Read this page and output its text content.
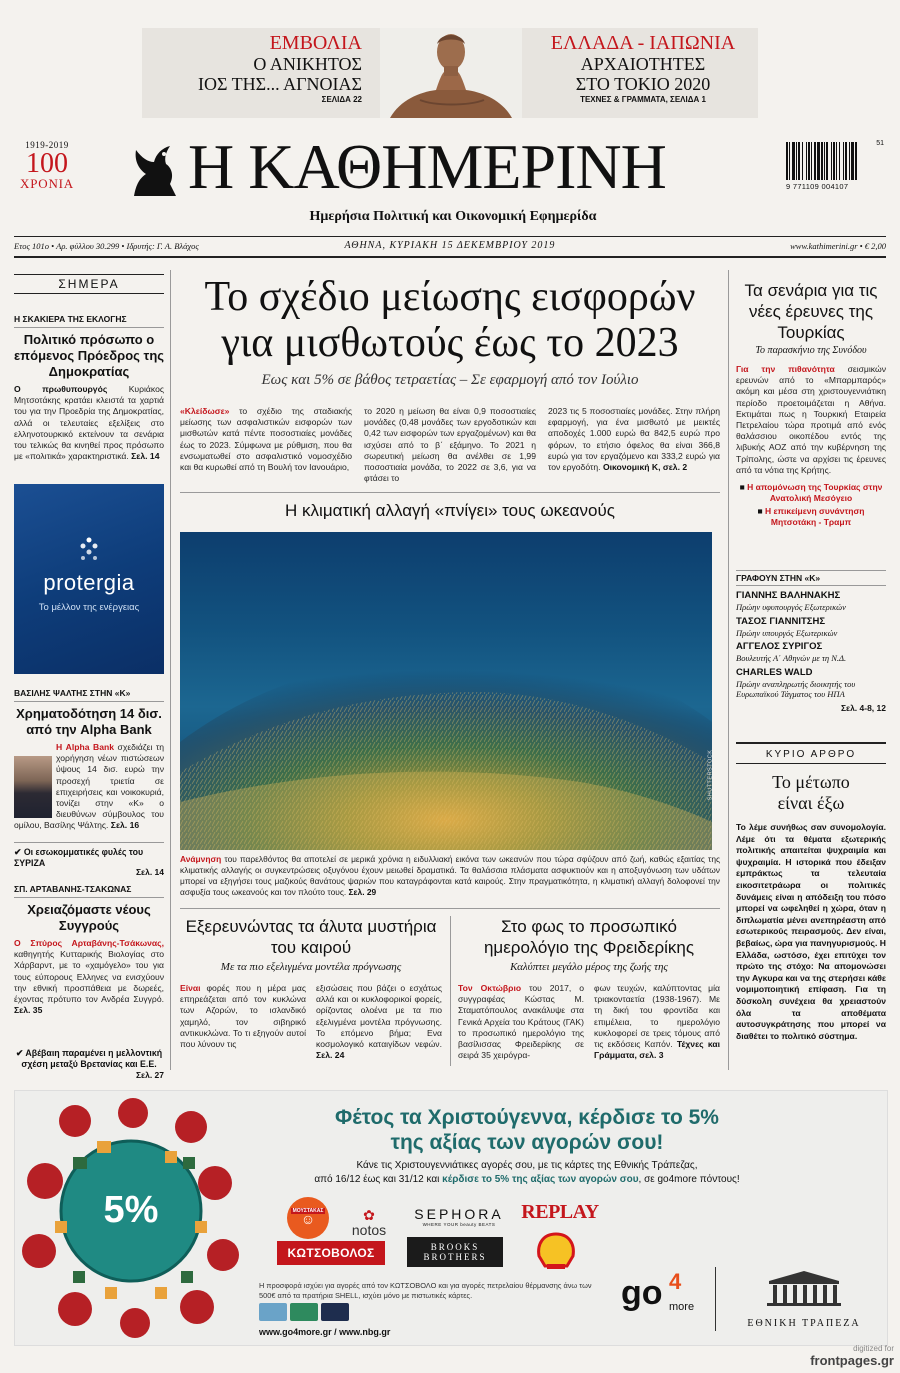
ΕΜΒΟΛΙΑ
Ο ΑΝΙΚΗΤΟΣ
ΙΟΣ ΤΗΣ... ΑΓΝΟΙΑΣ
ΣΕΛΙΔΑ 22
ΕΛΛΑΔΑ - ΙΑΠΩΝΙΑ
ΑΡΧΑΙΟΤΗΤΕΣ
ΣΤΟ ΤΟΚΙΟ 2020
ΤΕΧΝΕΣ & ΓΡΑΜΜΑΤΑ, ΣΕΛΙΔΑ 1
1919-2019
100
ΧΡΟΝΙΑ Η ΚΑΘΗΜΕΡΙΝΗ
Ημερήσια Πολιτική και Οικονομική Εφημερίδα
51
9 771109 004107
Ετος 101ο • Αρ. φύλλου 30.299 • Ιδρυτής: Γ. Α. Βλάχος	ΑΘΗΝΑ, ΚΥΡΙΑΚΗ 15 ΔΕΚΕΜΒΡΙΟΥ 2019	www.kathimerini.gr • € 2,00
ΣΗΜΕΡΑ
Η ΣΚΑΚΙΕΡΑ ΤΗΣ ΕΚΛΟΓΗΣ
Πολιτικό πρόσωπο ο επόμενος Πρόεδρος της Δημοκρατίας

Ο πρωθυπουργός Κυριάκος Μητσοτάκης κρατάει κλειστά τα χαρτιά του για την Προεδρία της Δημοκρατίας, αλλά οι τελευταίες εξελίξεις στο ελληνοτουρκικό εκτείνουν τα σενάρια του τελικώς θα κινηθεί προς πρόσωπο με «πολιτικά» χαρακτηριστικά. Σελ. 14

protergia
Το μέλλον της ενέργειας
ΒΑΣΙΛΗΣ ΨΑΛΤΗΣ ΣΤΗΝ «Κ»
Χρηματοδότηση 14 δισ. από την Alpha Bank

Η Alpha Bank σχεδιάζει τη χορήγηση νέων πιστώσεων ύψους 14 δισ. ευρώ την προσεχή τριετία σε επιχειρήσεις και νοικοκυριά, τονίζει στην «Κ» ο διευθύνων σύμβουλος του ομίλου, Βασίλης Ψάλτης. Σελ. 16

✔ Οι εσωκομματικές φυλές του ΣΥΡΙΖΑ
Σελ. 14
ΣΠ. ΑΡΤΑΒΑΝΗΣ-ΤΣΑΚΩΝΑΣ
Χρειαζόμαστε νέους Συγγρούς

Ο Σπύρος Αρταβάνης-Τσάκωνας, καθηγητής Κυτταρικής Βιολογίας στο Χάρβαρντ, με το «χαμόγελο» του για τους εύπορους Ελληνες να ενισχύουν την εθνική προσπάθεια με δωρεές, έχοντας πρότυπο τον Ανδρέα Συγγρό. Σελ. 35

✔ Αβέβαιη παραμένει η μελλοντική σχέση μεταξύ Βρετανίας και Ε.Ε.
Σελ. 27
Το σχέδιο μείωσης εισφορών
για μισθωτούς έως το 2023
Εως και 5% σε βάθος τετραετίας – Σε εφαρμογή από τον Ιούλιο

«Κλείδωσε» το σχέδιο της σταδιακής μείωσης των ασφαλιστικών εισφορών των μισθωτών κατά πέντε ποσοστιαίες μονάδες έως το 2023. Σύμφωνα με ρύθμιση, που θα ενσωματωθεί στο ασφαλιστικό νομοσχέδιο και θα κυρωθεί από τη Βουλή τον Ιανουάριο,

το 2020 η μείωση θα είναι 0,9 ποσοστιαίες μονάδες (0,48 μονάδες των εργοδοτικών και 0,42 των εισφορών των εργαζομένων) και θα ισχύσει από το β΄ εξάμηνο. Το 2021 η σωρευτική μείωση θα ανέλθει σε 1,99 ποσοστιαία μονάδα, το 2022 σε 3,6, για να φτάσει το

2023 τις 5 ποσοστιαίες μονάδες. Στην πλήρη εφαρμογή, για ένα μισθωτό με μεικτές αποδοχές 1.000 ευρώ θα 842,5 ευρώ προ φόρων, το ετήσιο όφελος θα είναι 366,8 ευρώ για τον εργαζόμενο και 333,2 ευρώ για τον εργοδότη. Οικονομική Κ, σελ. 2

Η κλιματική αλλαγή «πνίγει» τους ωκεανούς
SHUTTERSTOCK

Ανάμνηση του παρελθόντος θα αποτελεί σε μερικά χρόνια η ειδυλλιακή εικόνα των ωκεανών που τώρα σφύζουν από ζωή, καθώς εξαιτίας της κλιματικής αλλαγής οι συγκεντρώσεις οξυγόνου έχουν μειωθεί δραματικά. Τα θαλάσσια πλάσματα ασφυκτιούν και η αποξυγόνωση των υδάτων μπορεί να εξηγήσει τους μαζικούς θανάτους ψαριών που καταγράφονται κατά καιρούς. Στην πραγματικότητα, η κλιματική αλλαγή δολοφονεί την ασφυξία τους ωκεανούς και τον πλούτο τους. Σελ. 29

Εξερευνώντας τα άλυτα μυστήρια του καιρού
Με τα πιο εξελιγμένα μοντέλα πρόγνωσης

Είναι φορές που η μέρα μας επηρεάζεται από τον κυκλώνα των Αζορών, το ισλανδικό χαμηλό, τον σιβηρικό αντικυκλώνα. Το τι εξηγούν αυτοί που λύνουν τις

εξισώσεις που βάζει ο εσχάτως αλλά και οι κυκλοφορικοί φορείς, ορίζοντας ολοένα με τα πιο εξελιγμένα μοντέλα πρόγνωσης. Το επόμενο βήμα; Ενα κοσμολογικό καταιγίδων νεφών. Σελ. 24

Στο φως το προσωπικό ημερολόγιο της Φρειδερίκης
Καλύπτει μεγάλο μέρος της ζωής της

Τον Οκτώβριο του 2017, ο συγγραφέας Κώστας Μ. Σταματόπουλος ανακάλυψε στα Γενικά Αρχεία του Κράτους (ΓΑΚ) το προσωπικό ημερολόγιο της βασίλισσας Φρειδερίκης σε σειρά 35 χειρόγρα-

φων τευχών, καλύπτοντας μία τριακονταετία (1938-1967). Με τη δική του φροντίδα και επιμέλεια, το ημερολόγιο κυκλοφορεί σε τρεις τόμους από τις εκδόσεις Καπόν. Τέχνες και Γράμματα, σελ. 3

Τα σενάρια για τις νέες έρευνες της Τουρκίας
Το παρασκήνιο της Συνόδου

Για την πιθανότητα σεισμικών ερευνών από το «Μπαρμπαρός» ακόμη και μέσα στη χριστουγεννιάτικη περίοδο προετοιμάζεται η Αθήνα. Εκτιμάται πως η Τουρκική Εταιρεία Πετρελαίου τώρα προτιμά από ενός θαλάσσιου οικοπέδου εντός της λιβυκής ΑΟΖ από την κυβέρνηση της Τρίπολης, ώστε να αρχίσει τις έρευνες από τα νότια της Κρήτης.

■ Η απομόνωση της Τουρκίας στην Ανατολική Μεσόγειο
■ Η επικείμενη συνάντηση Μητσοτάκη - Τραμπ
ΓΡΑΦΟΥΝ ΣΤΗΝ «Κ»
ΓΙΑΝΝΗΣ ΒΑΛΗΝΑΚΗΣ
Πρώην υφυπουργός Εξωτερικών
ΤΑΣΟΣ ΓΙΑΝΝΙΤΣΗΣ
Πρώην υπουργός Εξωτερικών
ΑΓΓΕΛΟΣ ΣΥΡΙΓΟΣ
Βουλευτής Α΄ Αθηνών με τη Ν.Δ.
CHARLES WALD
Πρώην αναπληρωτής διοικητής του Ευρωπαϊκού Τάγματος του ΗΠΑ
Σελ. 4-8, 12
ΚΥΡΙΟ ΑΡΘΡΟ
Το μέτωπο είναι έξω

Το λέμε συνήθως σαν συνομολογία. Λέμε ότι τα θέματα εξωτερικής πολιτικής απαιτείται ψυχραιμία και ψυχραιμία. Η ιστορικά που έδειξαν εμπράκτως τα τελευταία εικοσιτετράωρα οι πολιτικές δυνάμεις είναι η απόδειξη του πόσο μπορεί να ωφεληθεί η χώρα, όταν η διπλωματία μένει ανεπηρέαστη από εσωτερικούς πειρασμούς. Δεν είναι, βεβαίως, ώρα για πανηγυρισμούς. Η Ελλάδα, ωστόσο, έχει επιτύχει τον πρώτο της στόχο: Να απομονώσει την Αγκυρα και να της στερήσει κάθε νομιμοποιητική επίφαση. Για τη δύσκολη συνέχεια θα χρειαστούν όλα τα αποθέματα αυτοσυγκράτησης που μπορεί να διαθέτει το πολιτικό σύστημα.

5%
Φέτος τα Χριστούγεννα, κέρδισε το 5%
της αξίας των αγορών σου!
Κάνε τις Χριστουγεννιάτικες αγορές σου, με τις κάρτες της Εθνικής Τράπεζας,
από 16/12 έως και 31/12 και κέρδισε το 5% της αξίας των αγορών σου, σε go4more πόντους!
ΜΟΥΣΤΑΚΑΣ
☺	✿
notos
SEPHORA
WHERE YOUR beauty BEATS
REPLAY
ΚΩΤΣΟΒΟΛΟΣ	BROOKS
BROTHERS
Η προσφορά ισχύει για αγορές από τον ΚΩΤΣΟΒΟΛΟ και για αγορές πετρελαίου θέρμανσης άνω των 500€ από τα πρατήρια SHELL, ισχύει μόνο με πιστωτικές κάρτες.
www.go4more.gr / www.nbg.gr
go 4
more
ΕΘΝΙΚΗ ΤΡΑΠΕΖΑ
digitized for
frontpages.gr
